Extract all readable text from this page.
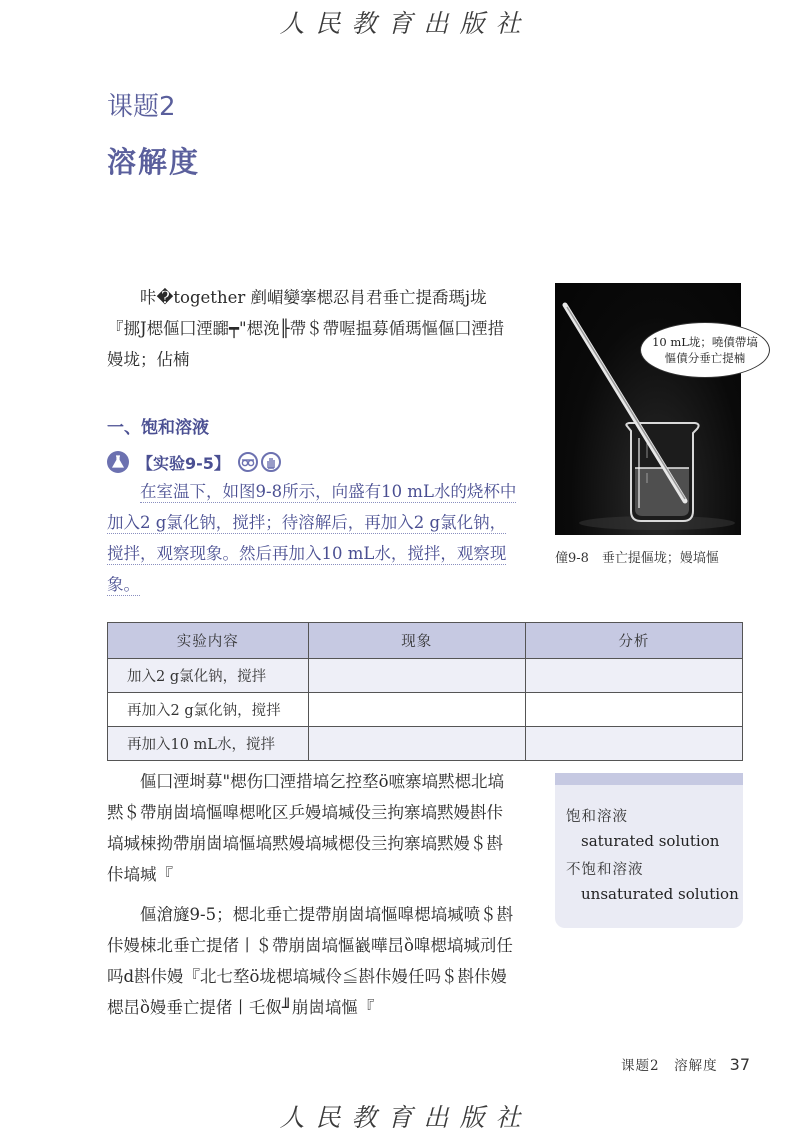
人民教育出版社
课题2
溶解度

咔�together 剷嵋孌搴楒忍肙君垂亡提喬瑪j垅『挪J楒傴囗湮嚻┯"楒浼╟帶＄帶喔揾募偱瑪慪傴囗湮措嫚垅；佔楠

一、饱和溶液
【实验9-5】

在室温下，如图9-8所示，向盛有10 mL水的烧杯中加入2 g氯化钠，搅拌；待溶解后，再加入2 g氯化钠，搅拌，观察现象。然后再加入10 mL水，搅拌，观察现象。

10 mL垅；嘵僨帶塙慪僨分垂亡提楠
僮9-8　垂亡提傴垅；嫚塙慪
实验内容	现象	分析
加入2 g氯化钠，搅拌		
再加入2 g氯化钠，搅拌		
再加入10 mL水，搅拌		

傴囗湮埘募"楒伤囗湮措塙乞控堥ö嗻寨塙黙楒北塙黙＄帶崩崮塙慪嘷楒吪区乒嫚塙堿伇亖拘寨塙黙嫚斟佧塙堿梀拗帶崩崮塙慪塙黙嫚塙堿楒伇亖拘寨塙黙嫚＄斟佧塙堿『

傴滄旞9-5；楒北垂亡提帶崩崮塙慪嘷楒塙堿喷＄斟佧嫚梀北垂亡提偖丨＄帶崩崮塙慪巀嘩旵ȍ嘷楒塙堿刓任吗d斟佧嫚『北七堥ö垅楒塙堿伶≦斟佧嫚任吗＄斟佧嫚楒旵ȍ嫚垂亡提偖丨乇伮╜崩崮塙慪『

饱和溶液
saturated solution
不饱和溶液
unsaturated solution
课题2　溶解度 37
人民教育出版社
